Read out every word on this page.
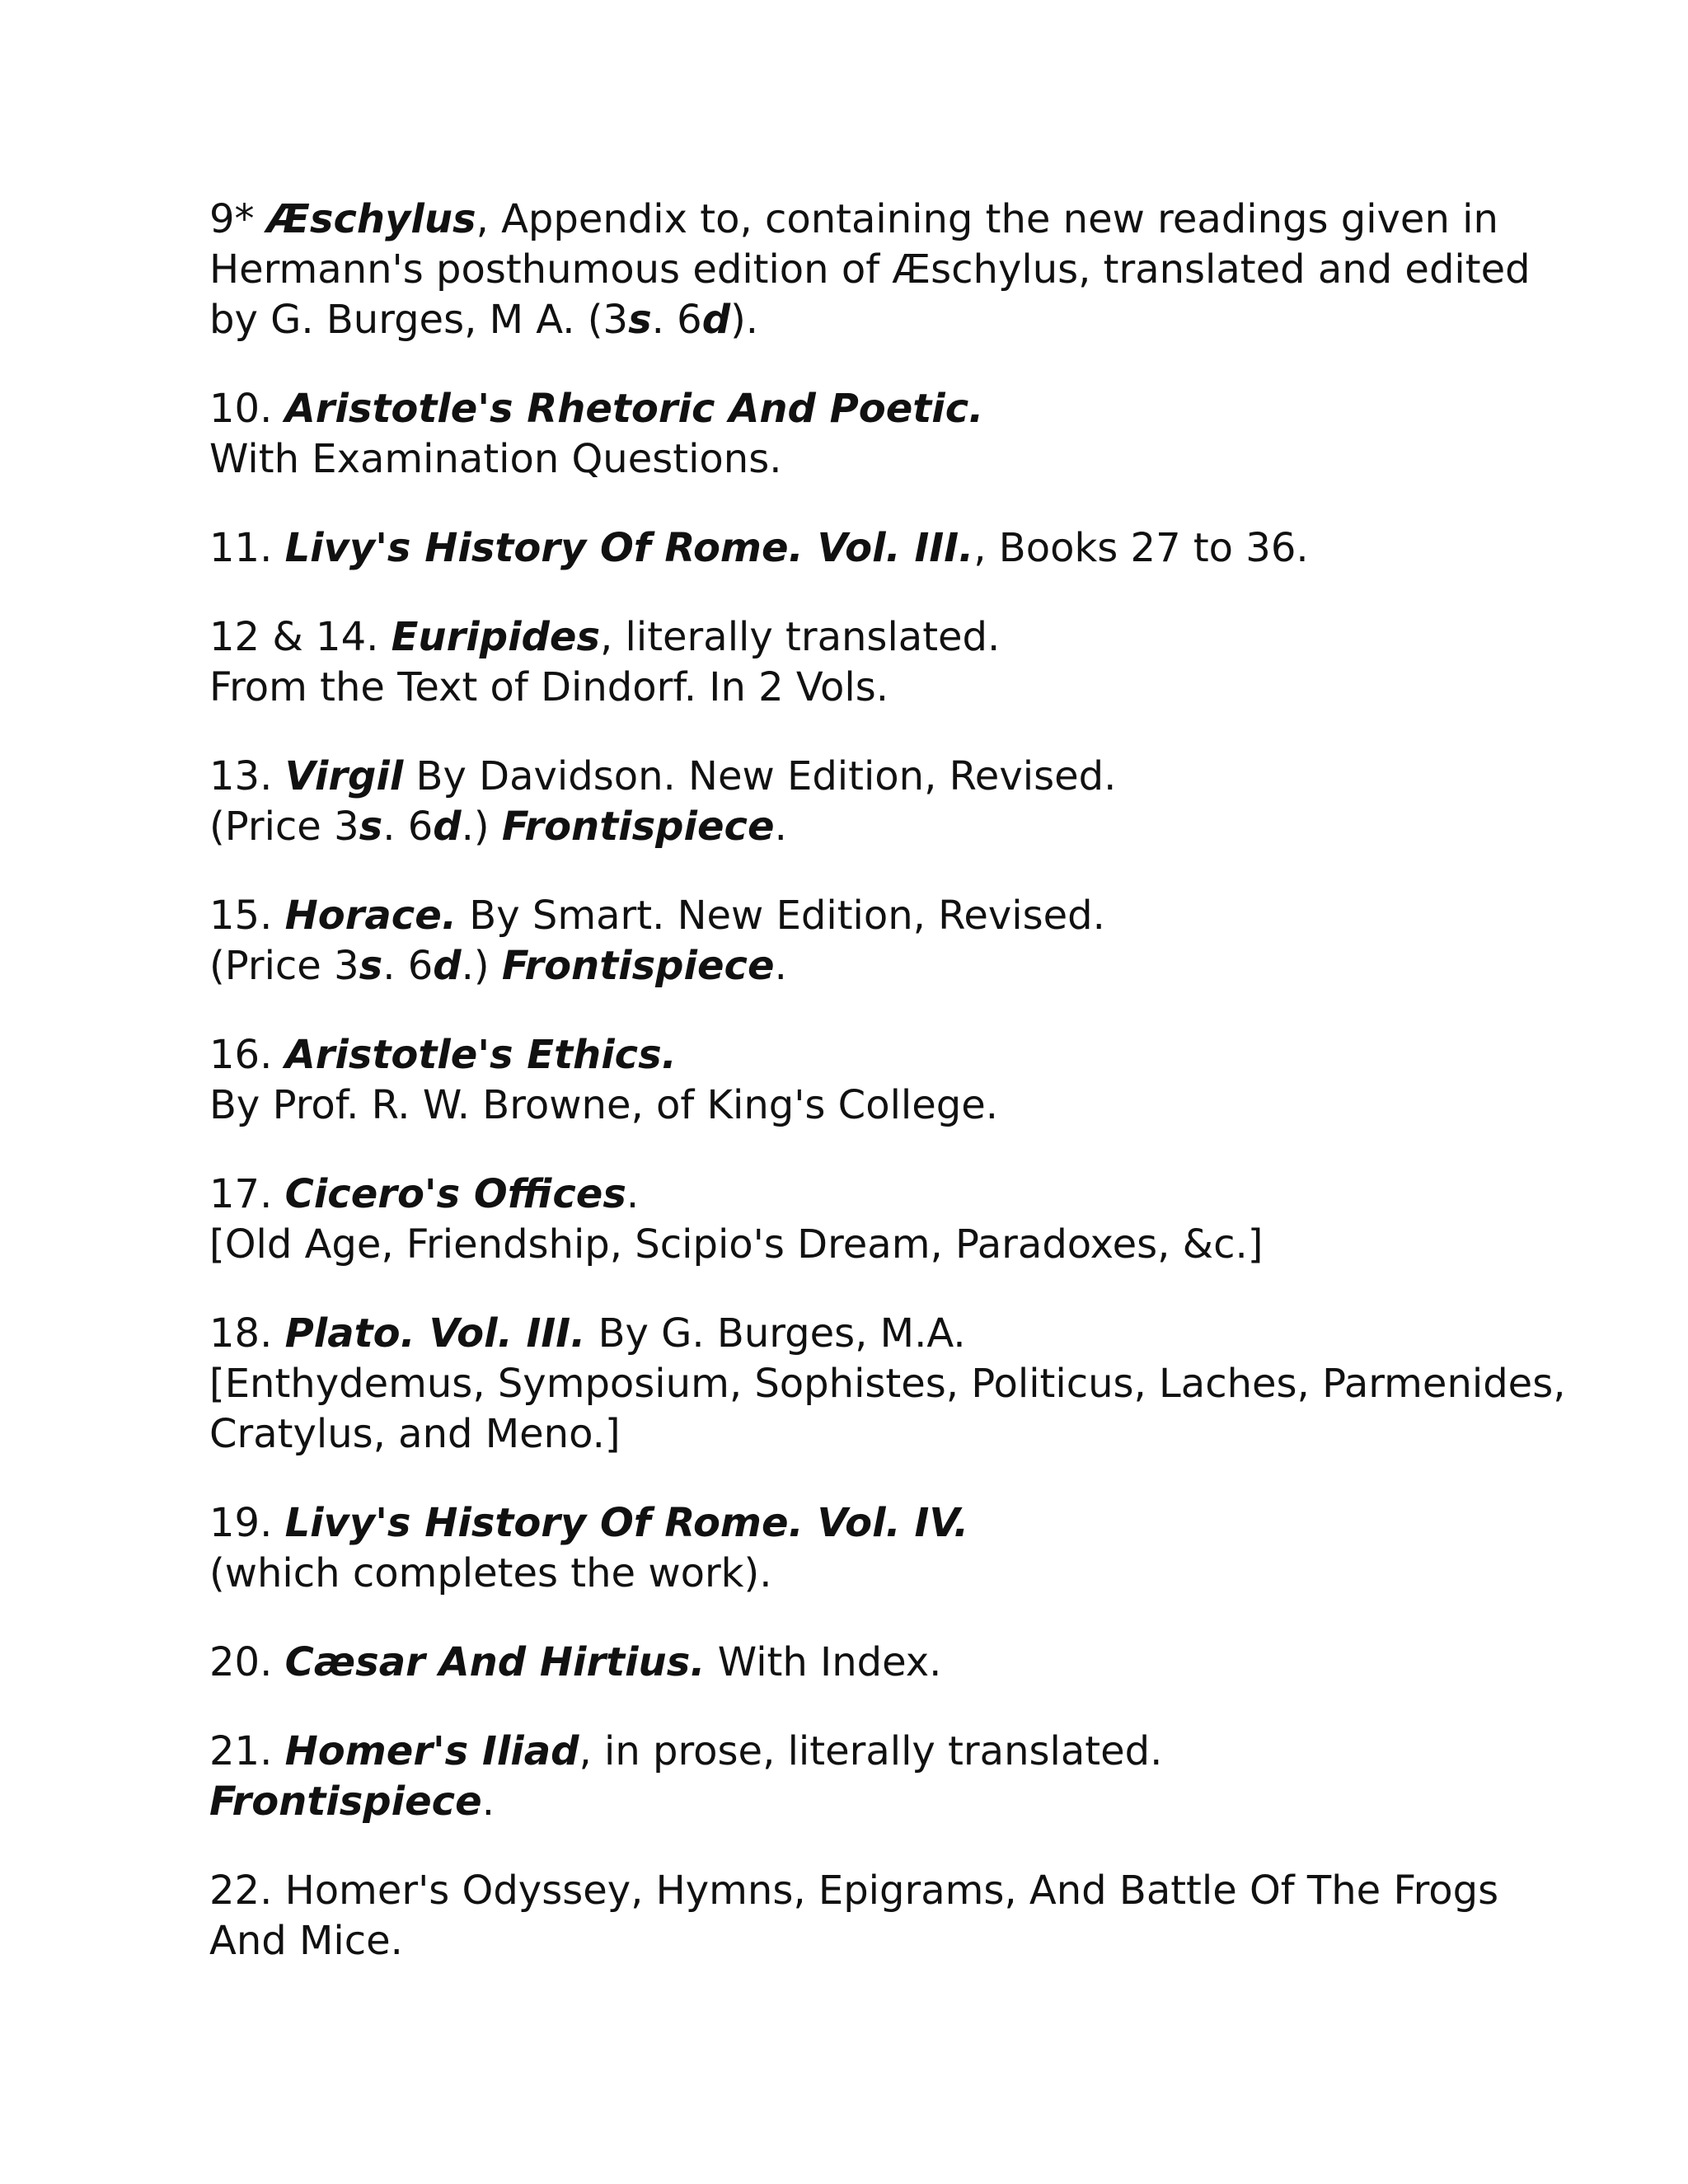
9* Æschylus, Appendix to, containing the new readings given in
Hermann's posthumous edition of Æschylus, translated and edited
by G. Burges, M A. (3s. 6d).

10. Aristotle's Rhetoric And Poetic.
With Examination Questions.

11. Livy's History Of Rome. Vol. III., Books 27 to 36.

12 & 14. Euripides, literally translated.
From the Text of Dindorf. In 2 Vols.

13. Virgil By Davidson. New Edition, Revised.
(Price 3s. 6d.) Frontispiece.

15. Horace. By Smart. New Edition, Revised.
(Price 3s. 6d.) Frontispiece.

16. Aristotle's Ethics.
By Prof. R. W. Browne, of King's College.

17. Cicero's Offices.
[Old Age, Friendship, Scipio's Dream, Paradoxes, &c.]

18. Plato. Vol. III. By G. Burges, M.A.
[Enthydemus, Symposium, Sophistes, Politicus, Laches, Parmenides,
Cratylus, and Meno.]

19. Livy's History Of Rome. Vol. IV.
(which completes the work).

20. Cæsar And Hirtius. With Index.

21. Homer's Iliad, in prose, literally translated.
Frontispiece.

22. Homer's Odyssey, Hymns, Epigrams, And Battle Of The Frogs
And Mice.
